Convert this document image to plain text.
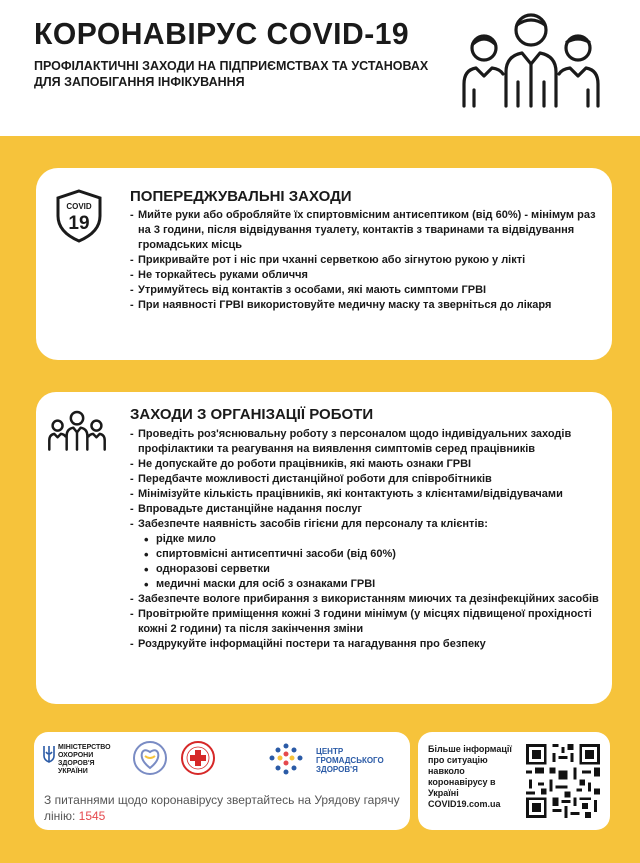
КОРОНАВІРУС COVID-19
ПРОФІЛАКТИЧНІ ЗАХОДИ НА ПІДПРИЄМСТВАХ ТА УСТАНОВАХ ДЛЯ ЗАПОБІГАННЯ ІНФІКУВАННЯ
COVID
19
ПОПЕРЕДЖУВАЛЬНІ ЗАХОДИ
- Мийте руки або обробляйте їх спиртовмісним антисептиком (від 60%) - мінімум раз на 3 години, після відвідування туалету, контактів з тваринами та відвідування громадських місць
- Прикривайте рот і ніс при чханні серветкою або зігнутою рукою у лікті
- Не торкайтесь руками обличчя
- Утримуйтесь від контактів з особами, які мають симптоми ГРВІ
- При наявності ГРВІ використовуйте медичну маску та зверніться до лікаря
ЗАХОДИ З ОРГАНІЗАЦІЇ РОБОТИ
- Проведіть роз'яснювальну роботу з персоналом щодо індивідуальних заходів профілактики та реагування на виявлення симптомів серед працівників
- Не допускайте до роботи працівників, які мають ознаки ГРВІ
- Передбачте можливості дистанційної роботи для співробітників
- Мінімізуйте кількість працівників, які контактують з клієнтами/відвідувачами
- Впровадьте дистанційне надання послуг
- Забезпечте наявність засобів гігієни для персоналу та клієнтів:
• рідке мило
• спиртовмісні антисептичні засоби (від 60%)
• одноразові серветки
• медичні маски для осіб з ознаками ГРВІ
- Забезпечте вологе прибирання з використанням миючих та дезінфекційних засобів
- Провітрюйте приміщення кожні 3 години мінімум (у місцях підвищеної прохідності кожні 2 години) та після закінчення зміни
- Роздрукуйте інформаційні постери та нагадування про безпеку
МІНІСТЕРСТВО ОХОРОНИ ЗДОРОВ'Я УКРАЇНИ
ЦЕНТР ГРОМАДСЬКОГО ЗДОРОВ'Я
З питаннями щодо коронавірусу звертайтесь на Урядову гарячу лінію: 1545
Більше інформації про ситуацію навколо коронавірусу в Україні COVID19.com.ua
